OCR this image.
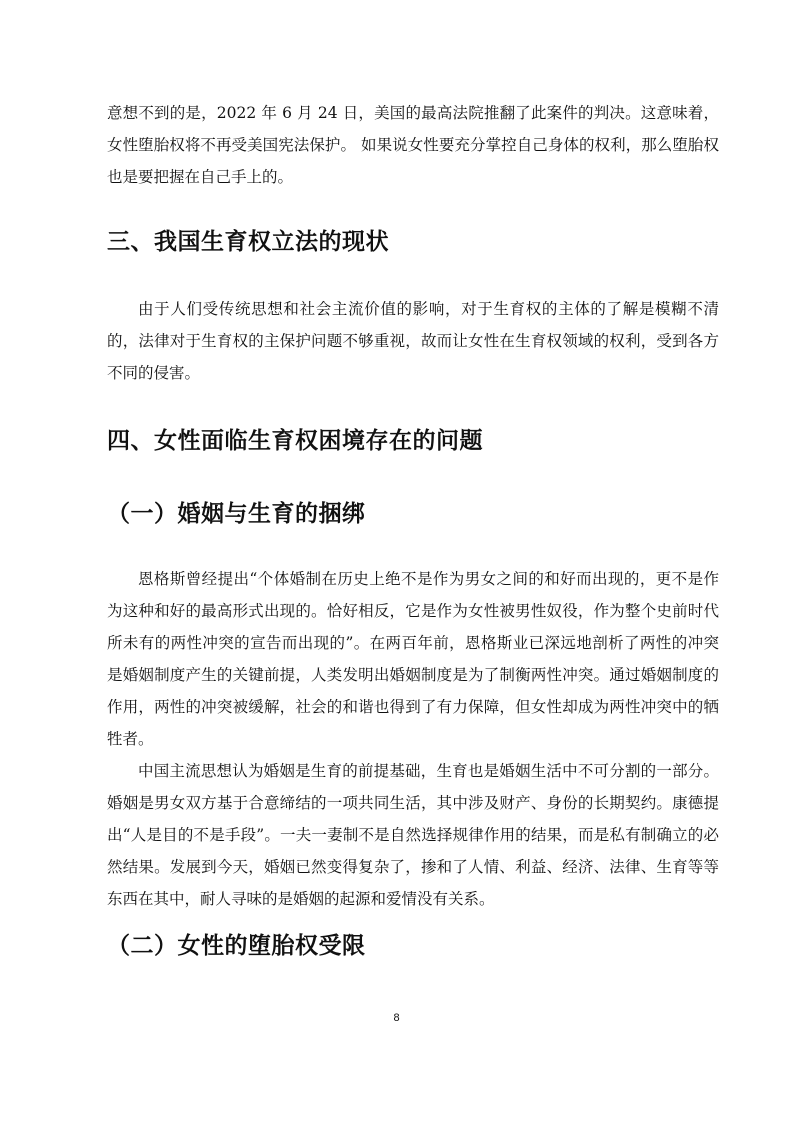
意想不到的是，2022 年 6 月 24 日，美国的最高法院推翻了此案件的判决。这意味着，女性堕胎权将不再受美国宪法保护。 如果说女性要充分掌控自己身体的权利，那么堕胎权也是要把握在自己手上的。

三、我国生育权立法的现状

由于人们受传统思想和社会主流价值的影响，对于生育权的主体的了解是模糊不清的，法律对于生育权的主保护问题不够重视，故而让女性在生育权领域的权利，受到各方不同的侵害。

四、女性面临生育权困境存在的问题
（一）婚姻与生育的捆绑

恩格斯曾经提出“个体婚制在历史上绝不是作为男女之间的和好而出现的，更不是作为这种和好的最高形式出现的。恰好相反，它是作为女性被男性奴役，作为整个史前时代所未有的两性冲突的宣告而出现的”。在两百年前，恩格斯业已深远地剖析了两性的冲突是婚姻制度产生的关键前提，人类发明出婚姻制度是为了制衡两性冲突。通过婚姻制度的作用，两性的冲突被缓解，社会的和谐也得到了有力保障，但女性却成为两性冲突中的牺牲者。

中国主流思想认为婚姻是生育的前提基础，生育也是婚姻生活中不可分割的一部分。婚姻是男女双方基于合意缔结的一项共同生活，其中涉及财产、身份的长期契约。康德提出“人是目的不是手段”。一夫一妻制不是自然选择规律作用的结果，而是私有制确立的必然结果。发展到今天，婚姻已然变得复杂了，掺和了人情、利益、经济、法律、生育等等东西在其中，耐人寻味的是婚姻的起源和爱情没有关系。

（二）女性的堕胎权受限
8
